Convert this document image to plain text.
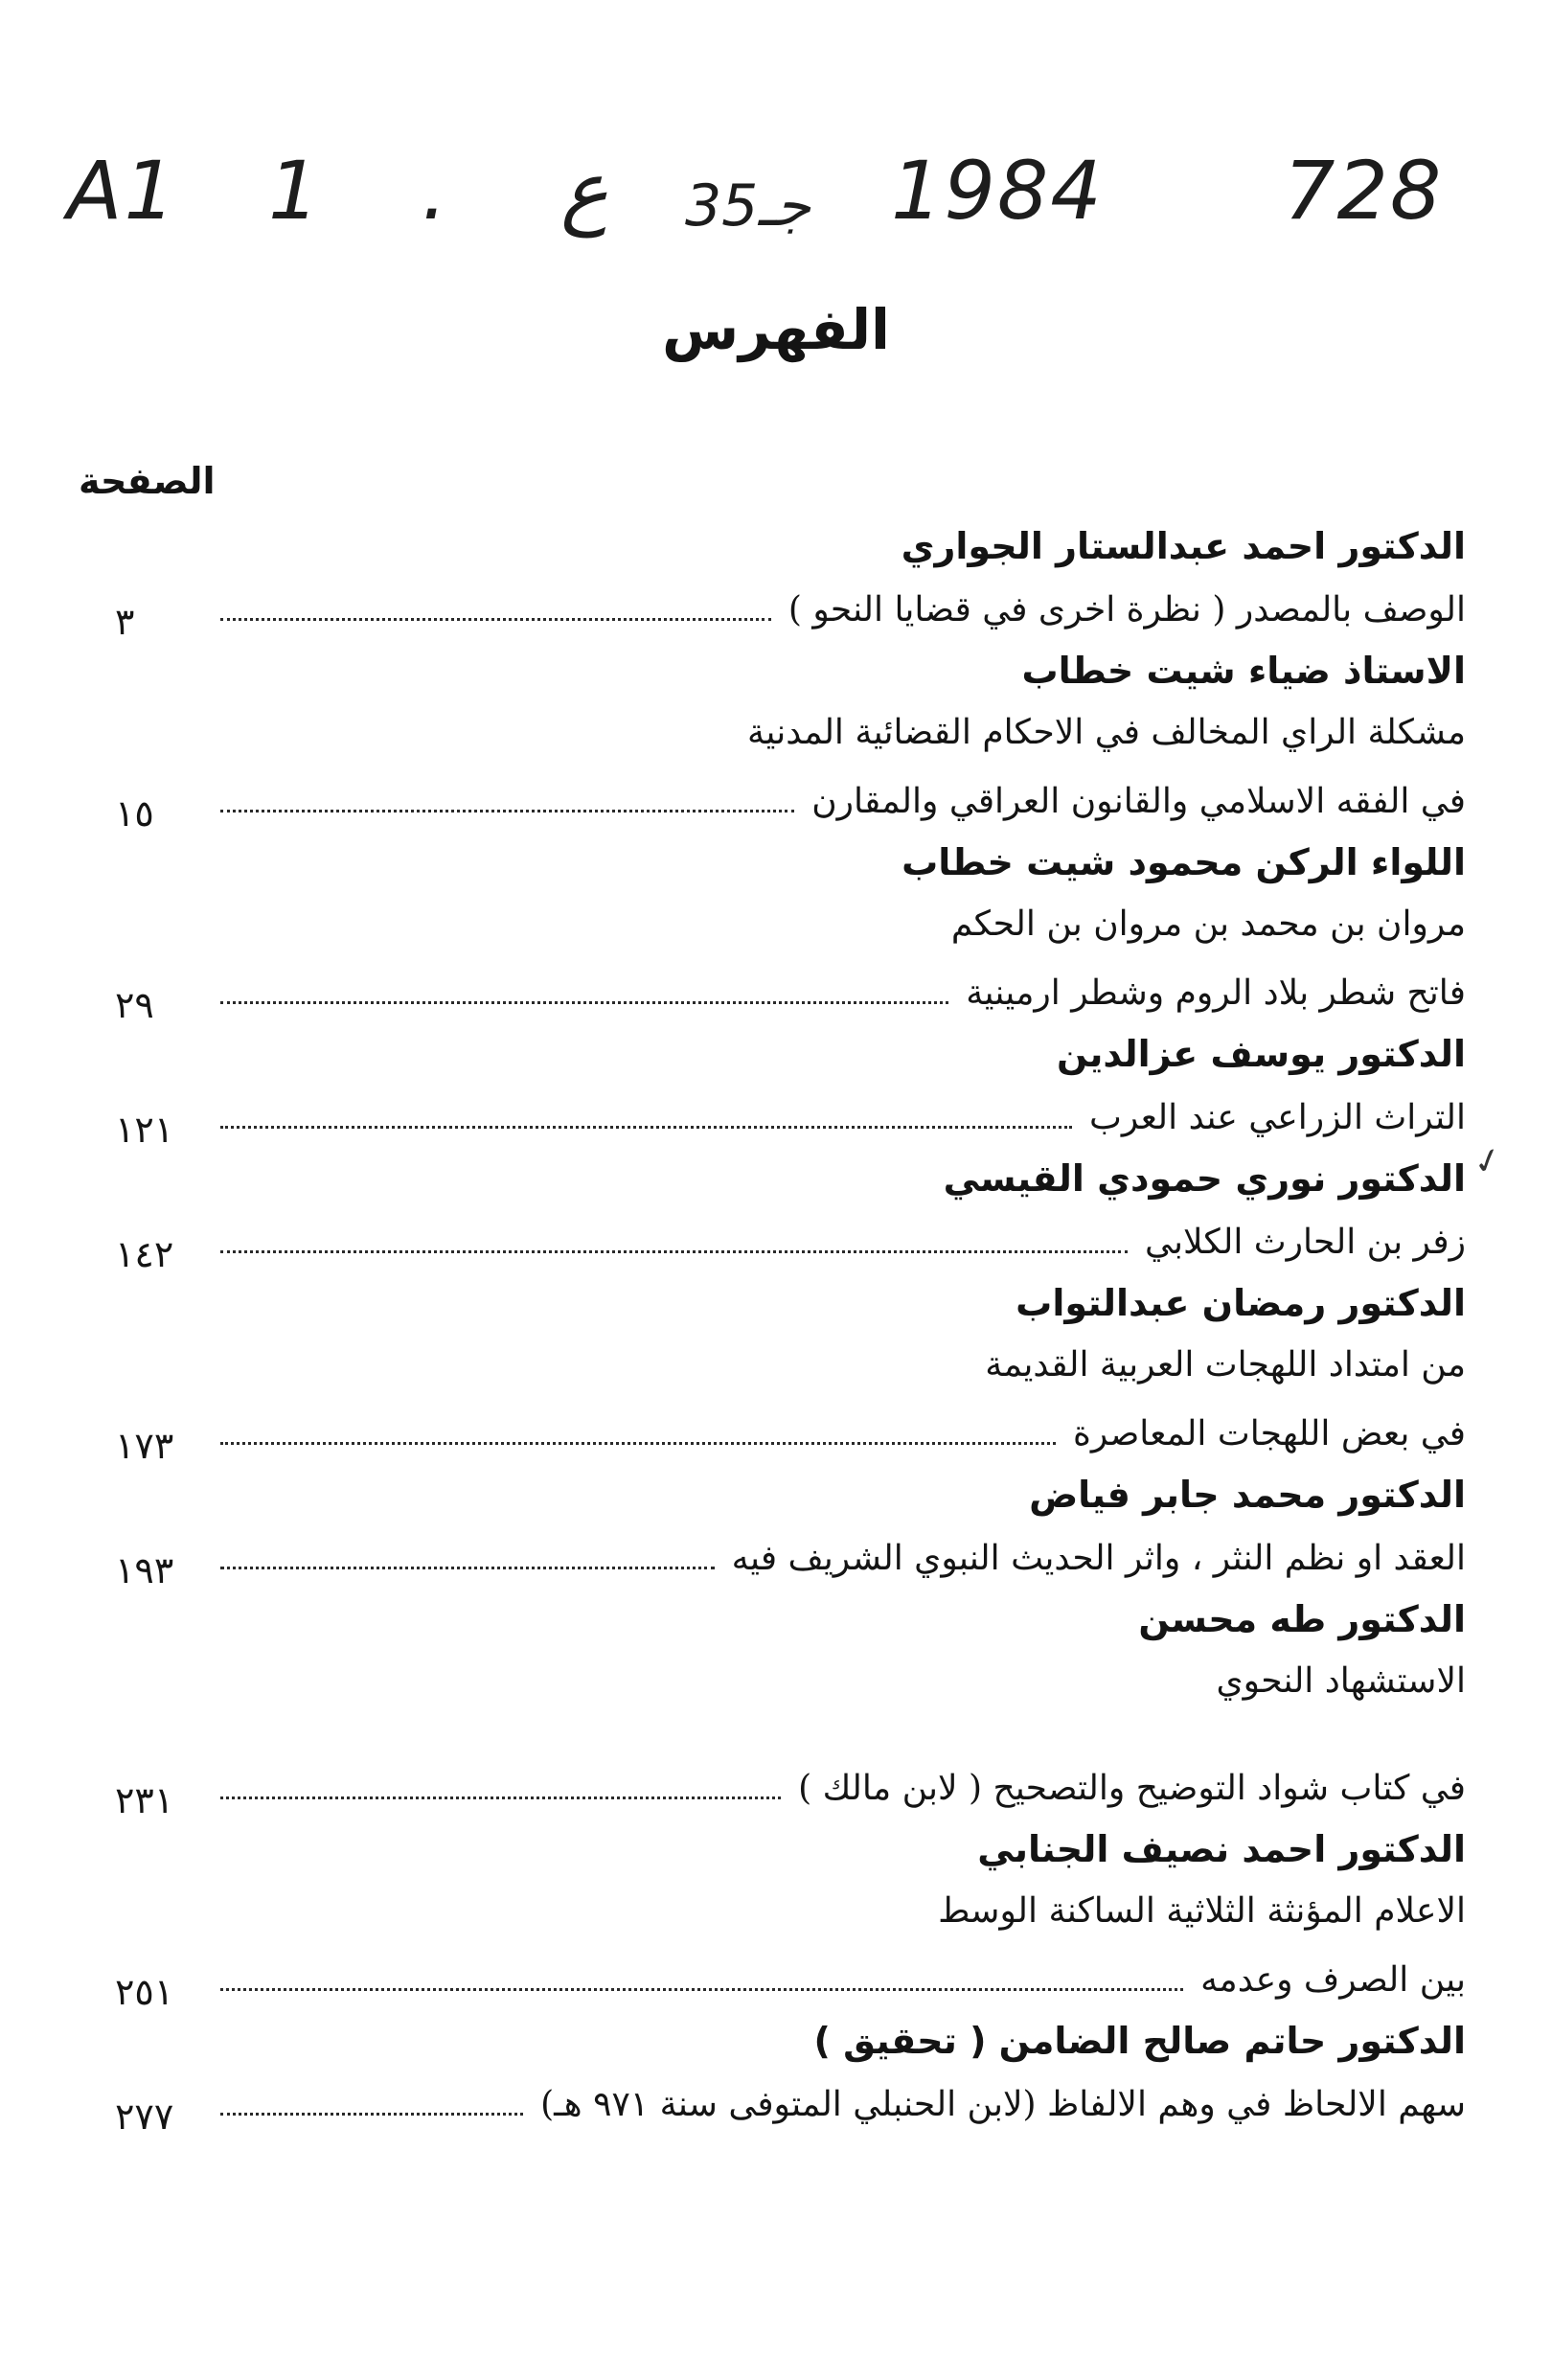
A1 1 . ع 35جـ 1984 728
الفهرس
الصفحة
✓
الدكتور احمد عبدالستار الجواري
الوصف بالمصدر ( نظرة اخرى في قضايا النحو )
٣
الاستاذ ضياء شيت خطاب
مشكلة الراي المخالف في الاحكام القضائية المدنية
في الفقه الاسلامي والقانون العراقي والمقارن
١٥
اللواء الركن محمود شيت خطاب
مروان بن محمد بن مروان بن الحكم
فاتح شطر بلاد الروم وشطر ارمينية
٢٩
الدكتور يوسف عزالدين
التراث الزراعي عند العرب
١٢١
الدكتور نوري حمودي القيسي
زفر بن الحارث الكلابي
١٤٢
الدكتور رمضان عبدالتواب
من امتداد اللهجات العربية القديمة
في بعض اللهجات المعاصرة
١٧٣
الدكتور محمد جابر فياض
العقد او نظم النثر ، واثر الحديث النبوي الشريف فيه
١٩٣
الدكتور طه محسن
الاستشهاد النحوي
في كتاب شواد التوضيح والتصحيح ( لابن مالك )
٢٣١
الدكتور احمد نصيف الجنابي
الاعلام المؤنثة الثلاثية الساكنة الوسط
بين الصرف وعدمه
٢٥١
الدكتور حاتم صالح الضامن ( تحقيق )
سهم الالحاظ في وهم الالفاظ (لابن الحنبلي المتوفى سنة ٩٧١ هـ)
٢٧٧
